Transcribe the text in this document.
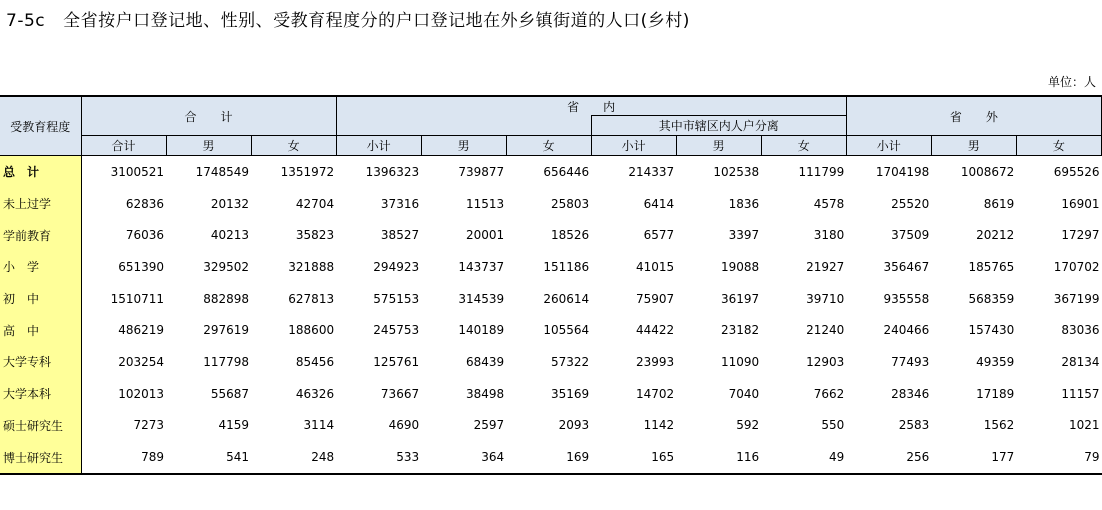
7-5c 全省按户口登记地、性别、受教育程度分的户口登记地在外乡镇街道的人口(乡村)
单位：人
受教育程度	合　　计			省　　内						省　　外		
							其中市辖区内人户分离					
	合计	男	女	小计	男	女	小计	男	女	小计	男	女
总　计	3100521	1748549	1351972	1396323	739877	656446	214337	102538	111799	1704198	1008672	695526
未上过学	62836	20132	42704	37316	11513	25803	6414	1836	4578	25520	8619	16901
学前教育	76036	40213	35823	38527	20001	18526	6577	3397	3180	37509	20212	17297
小　学	651390	329502	321888	294923	143737	151186	41015	19088	21927	356467	185765	170702
初　中	1510711	882898	627813	575153	314539	260614	75907	36197	39710	935558	568359	367199
高　中	486219	297619	188600	245753	140189	105564	44422	23182	21240	240466	157430	83036
大学专科	203254	117798	85456	125761	68439	57322	23993	11090	12903	77493	49359	28134
大学本科	102013	55687	46326	73667	38498	35169	14702	7040	7662	28346	17189	11157
硕士研究生	7273	4159	3114	4690	2597	2093	1142	592	550	2583	1562	1021
博士研究生	789	541	248	533	364	169	165	116	49	256	177	79
